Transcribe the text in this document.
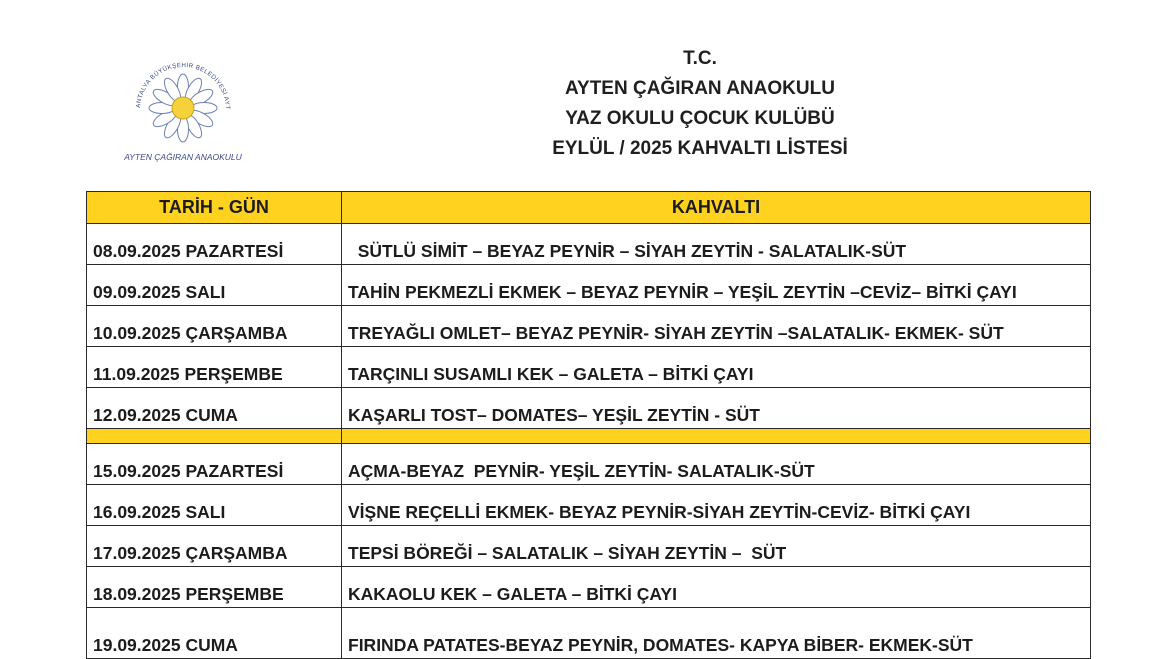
ANTALYA BÜYÜKŞEHİR BELEDİYESİ AYT
AYTEN ÇAĞIRAN ANAOKULU
T.C.
AYTEN ÇAĞIRAN ANAOKULU
YAZ OKULU ÇOCUK KULÜBÜ
EYLÜL / 2025 KAHVALTI LİSTESİ
TARİH - GÜN	KAHVALTI
08.09.2025 PAZARTESİ	SÜTLÜ SİMİT – BEYAZ PEYNİR – SİYAH ZEYTİN - SALATALIK-SÜT
09.09.2025 SALI	TAHİN PEKMEZLİ EKMEK – BEYAZ PEYNİR – YEŞİL ZEYTİN –CEVİZ– BİTKİ ÇAYI
10.09.2025 ÇARŞAMBA	TREYAĞLI OMLET– BEYAZ PEYNİR- SİYAH ZEYTİN –SALATALIK- EKMEK- SÜT
11.09.2025 PERŞEMBE	TARÇINLI SUSAMLI KEK – GALETA – BİTKİ ÇAYI
12.09.2025 CUMA	KAŞARLI TOST– DOMATES– YEŞİL ZEYTİN - SÜT

15.09.2025 PAZARTESİ	AÇMA-BEYAZ  PEYNİR- YEŞİL ZEYTİN- SALATALIK-SÜT
16.09.2025 SALI	VİŞNE REÇELLİ EKMEK- BEYAZ PEYNİR-SİYAH ZEYTİN-CEVİZ- BİTKİ ÇAYI
17.09.2025 ÇARŞAMBA	TEPSİ BÖREĞİ – SALATALIK – SİYAH ZEYTİN –  SÜT
18.09.2025 PERŞEMBE	KAKAOLU KEK – GALETA – BİTKİ ÇAYI
19.09.2025 CUMA	FIRINDA PATATES-BEYAZ PEYNİR, DOMATES- KAPYA BİBER- EKMEK-SÜT
